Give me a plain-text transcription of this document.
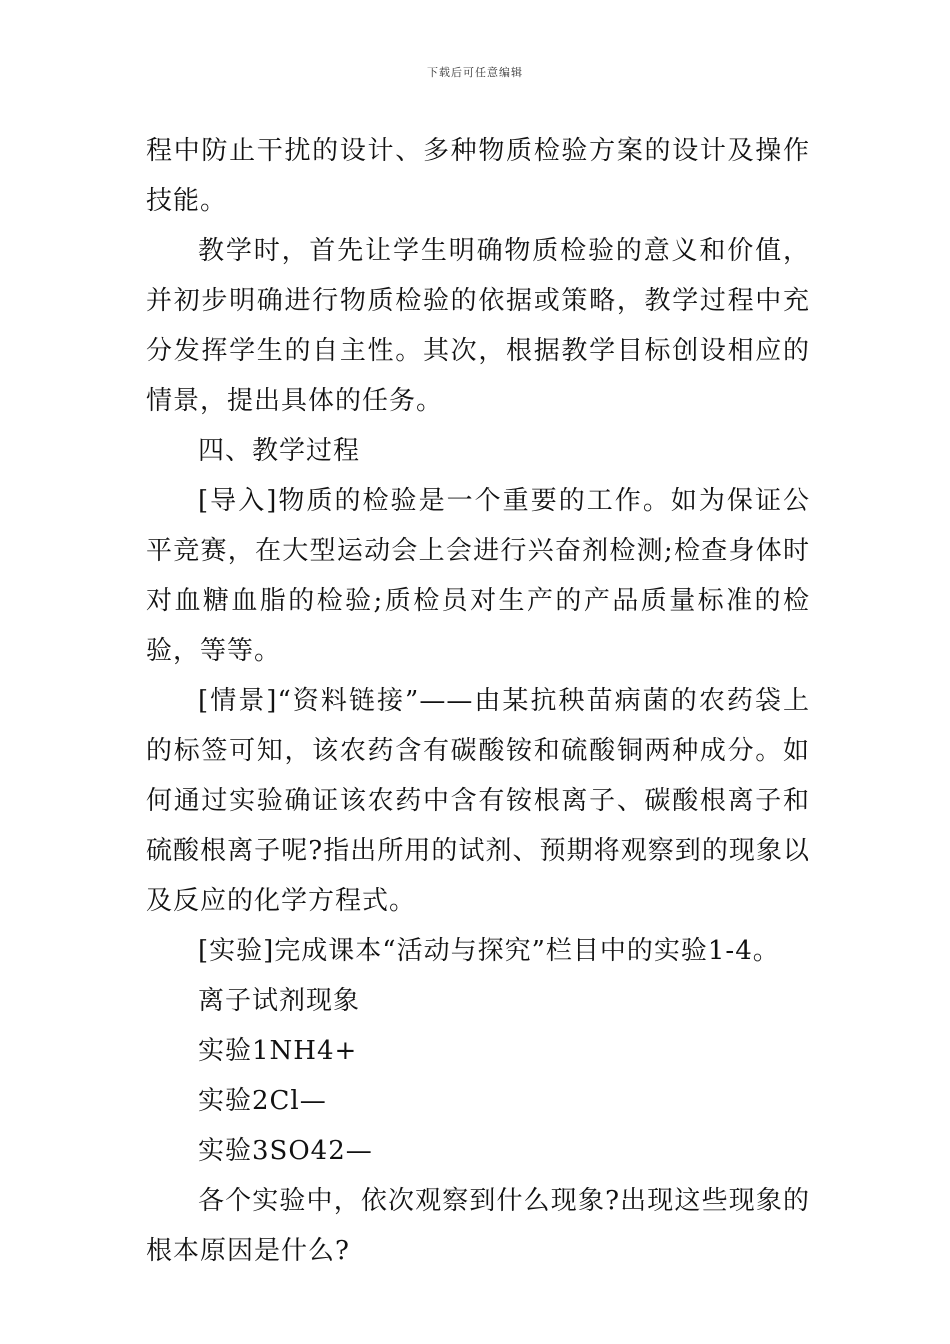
下载后可任意编辑

程中防止干扰的设计、多种物质检验方案的设计及操作技能。

教学时，首先让学生明确物质检验的意义和价值，并初步明确进行物质检验的依据或策略，教学过程中充分发挥学生的自主性。其次，根据教学目标创设相应的情景，提出具体的任务。

四、教学过程

[导入]物质的检验是一个重要的工作。如为保证公平竞赛，在大型运动会上会进行兴奋剂检测;检查身体时对血糖血脂的检验;质检员对生产的产品质量标准的检验，等等。

[情景]“资料链接”——由某抗秧苗病菌的农药袋上的标签可知，该农药含有碳酸铵和硫酸铜两种成分。如何通过实验确证该农药中含有铵根离子、碳酸根离子和硫酸根离子呢?指出所用的试剂、预期将观察到的现象以及反应的化学方程式。

[实验]完成课本“活动与探究”栏目中的实验1-4。

离子试剂现象

实验1NH4+

实验2Cl—

实验3SO42—

各个实验中，依次观察到什么现象?出现这些现象的根本原因是什么?
